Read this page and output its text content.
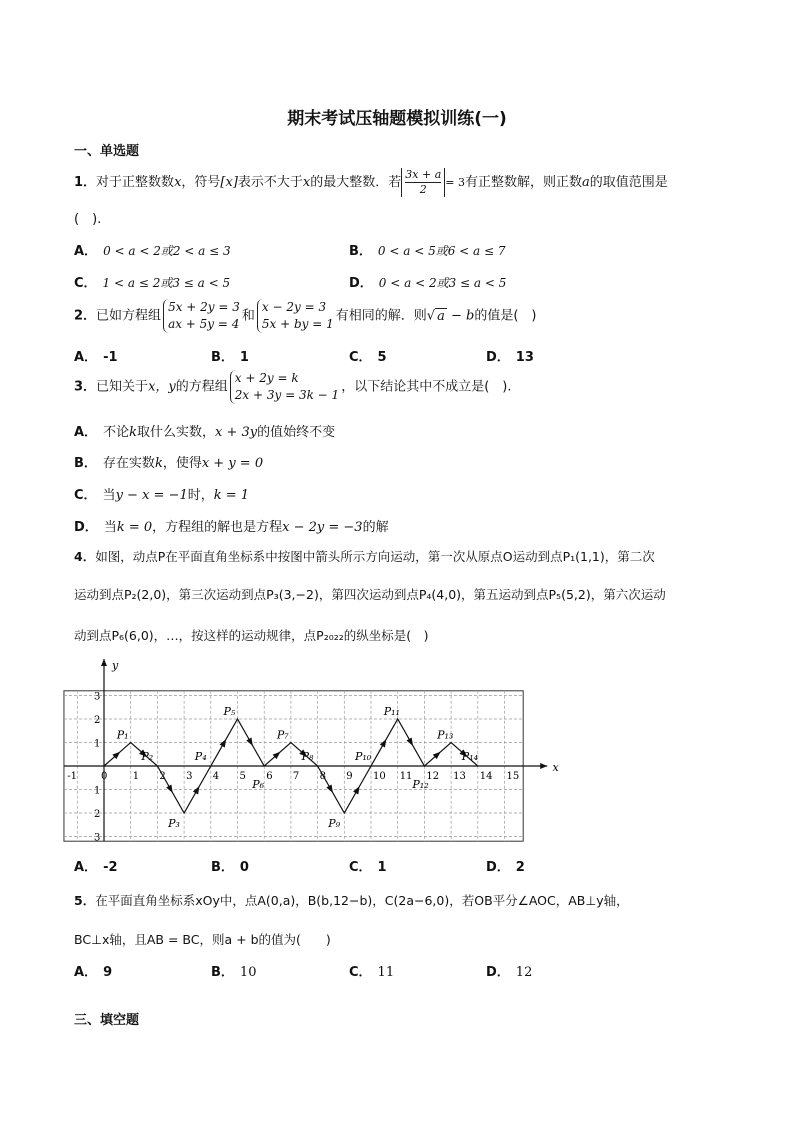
期末考试压轴题模拟训练(一)
一、单选题
1．对于正整数数x，符号[x]表示不大于x的最大整数．若 $\frac{3x + a}{2}= 3$有正整数解，则正数a的取值范围是
(　).
A． 0 < a < 2或2 < a ≤ 3	B． 0 < a < 5或6 < a ≤ 7
C． 1 < a ≤ 2或3 ≤ a < 5	D． 0 < a < 2或3 ≤ a < 5
2．已如方程组5x + 2y = 3
ax + 5y = 4和x − 2y = 3
5x + by = 1有相同的解．则√ a − b的值是(　)
A． -1	B． 1	C． 5	D． 13
3．已知关于x，y的方程组x + 2y = k
2x + 3y = 3k − 1，以下结论其中不成立是(　).
A． 不论k取什么实数，x + 3y的值始终不变
B． 存在实数k，使得x + y = 0
C． 当y − x = −1时，k = 1
D． 当k = 0，方程组的解也是方程x − 2y = −3的解
4．如图，动点P在平面直角坐标系中按图中箭头所示方向运动，第一次从原点O运动到点P₁(1,1)，第二次
运动到点P₂(2,0)，第三次运动到点P₃(3,−2)，第四次运动到点P₄(4,0)，第五运动到点P₅(5,2)，第六次运动
动到点P₆(6,0)，…，按这样的运动规律，点P₂₀₂₂的纵坐标是(　)
x
y
-1 0	1 2 3 4 5 6 7 8 9 10 11 12 13 14 15
1
2
3
1
2
3
P₁
P₂
P₃
P₄
P₅
P₆
P₇
P₈
P₉
P₁₀
P₁₁
P₁₂
P₁₃
P₁₄
A． -2	B． 0	C． 1	D． 2
5．在平面直角坐标系xOy中，点A(0,a)，B(b,12−b)，C(2a−6,0)，若OB平分∠AOC，AB⊥y轴，
BC⊥x轴，且AB = BC，则a + b的值为(　　)
A． 9	B． 10	C． 11	D． 12
三、填空题
